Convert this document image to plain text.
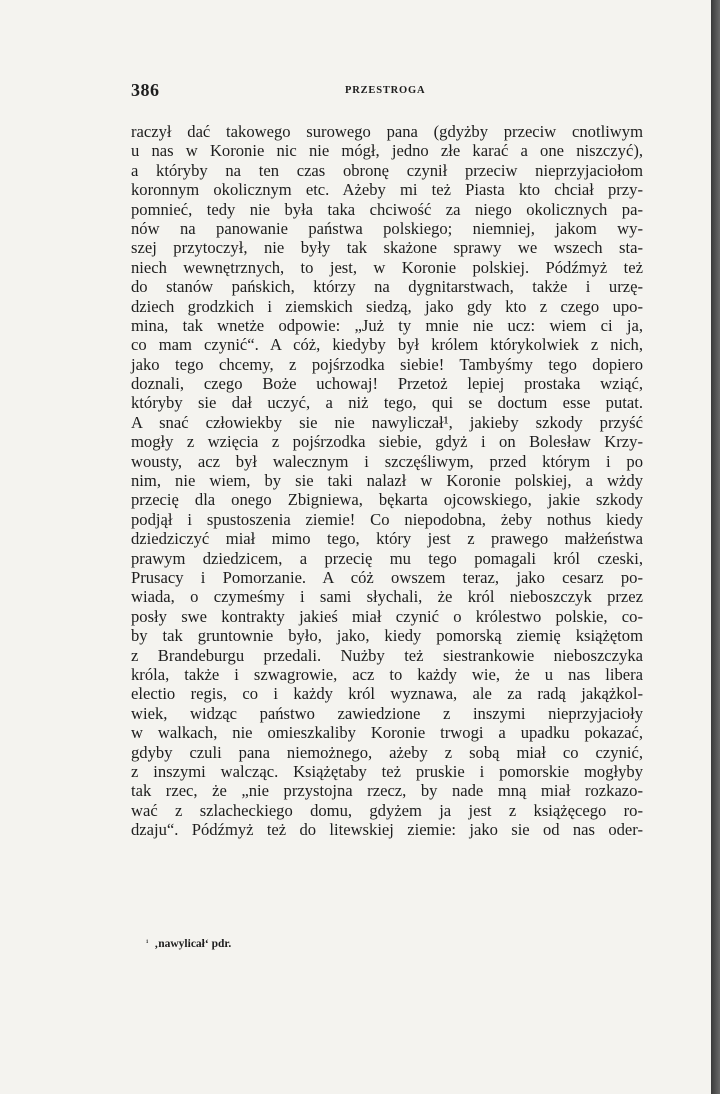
386	PRZESTROGA
raczył dać takowego surowego pana (gdyżby przeciw cnotliwym
u nas w Koronie nic nie mógł, jedno złe karać a one niszczyć),
a któryby na ten czas obronę czynił przeciw nieprzyjaciołom
koronnym okolicznym etc. Ażeby mi też Piasta kto chciał przy-
pomnieć, tedy nie była taka chciwość za niego okolicznych pa-
nów na panowanie państwa polskiego; niemniej, jakom wy-
szej przytoczył, nie były tak skażone sprawy we wszech sta-
niech wewnętrznych, to jest, w Koronie polskiej. Pódźmyż też
do stanów pańskich, którzy na dygnitarstwach, także i urzę-
dziech grodzkich i ziemskich siedzą, jako gdy kto z czego upo-
mina, tak wnetże odpowie: „Już ty mnie nie ucz: wiem ci ja,
co mam czynić“. A cóż, kiedyby był królem którykolwiek z nich,
jako tego chcemy, z pojśrzodka siebie! Tambyśmy tego dopiero
doznali, czego Boże uchowaj! Przetoż lepiej prostaka wziąć,
któryby sie dał uczyć, a niż tego, qui se doctum esse putat.
A snać człowiekby sie nie nawyliczał¹, jakieby szkody przyść
mogły z wzięcia z pojśrzodka siebie, gdyż i on Bolesław Krzy-
wousty, acz był walecznym i szczęśliwym, przed którym i po
nim, nie wiem, by sie taki nalazł w Koronie polskiej, a wżdy
przecię dla onego Zbigniewa, bękarta ojcowskiego, jakie szkody
podjął i spustoszenia ziemie! Co niepodobna, żeby nothus kiedy
dziedziczyć miał mimo tego, który jest z prawego małżeństwa
prawym dziedzicem, a przecię mu tego pomagali król czeski,
Prusacy i Pomorzanie. A cóż owszem teraz, jako cesarz po-
wiada, o czymeśmy i sami słychali, że król nieboszczyk przez
posły swe kontrakty jakieś miał czynić o królestwo polskie, co-
by tak gruntownie było, jako, kiedy pomorską ziemię książętom
z Brandeburgu przedali. Nużby też siestrankowie nieboszczyka
króla, także i szwagrowie, acz to każdy wie, że u nas libera
electio regis, co i każdy król wyznawa, ale za radą jakążkol-
wiek, widząc państwo zawiedzione z inszymi nieprzyjacioły
w walkach, nie omieszkaliby Koronie trwogi a upadku pokazać,
gdyby czuli pana niemożnego, ażeby z sobą miał co czynić,
z inszymi walcząc. Książętaby też pruskie i pomorskie mogłyby
tak rzec, że „nie przystojna rzecz, by nade mną miał rozkazo-
wać z szlacheckiego domu, gdyżem ja jest z książęcego ro-
dzaju“. Pódźmyż też do litewskiej ziemie: jako sie od nas oder-
$^{^1}$ ‚nawylicał‘ pdr.
